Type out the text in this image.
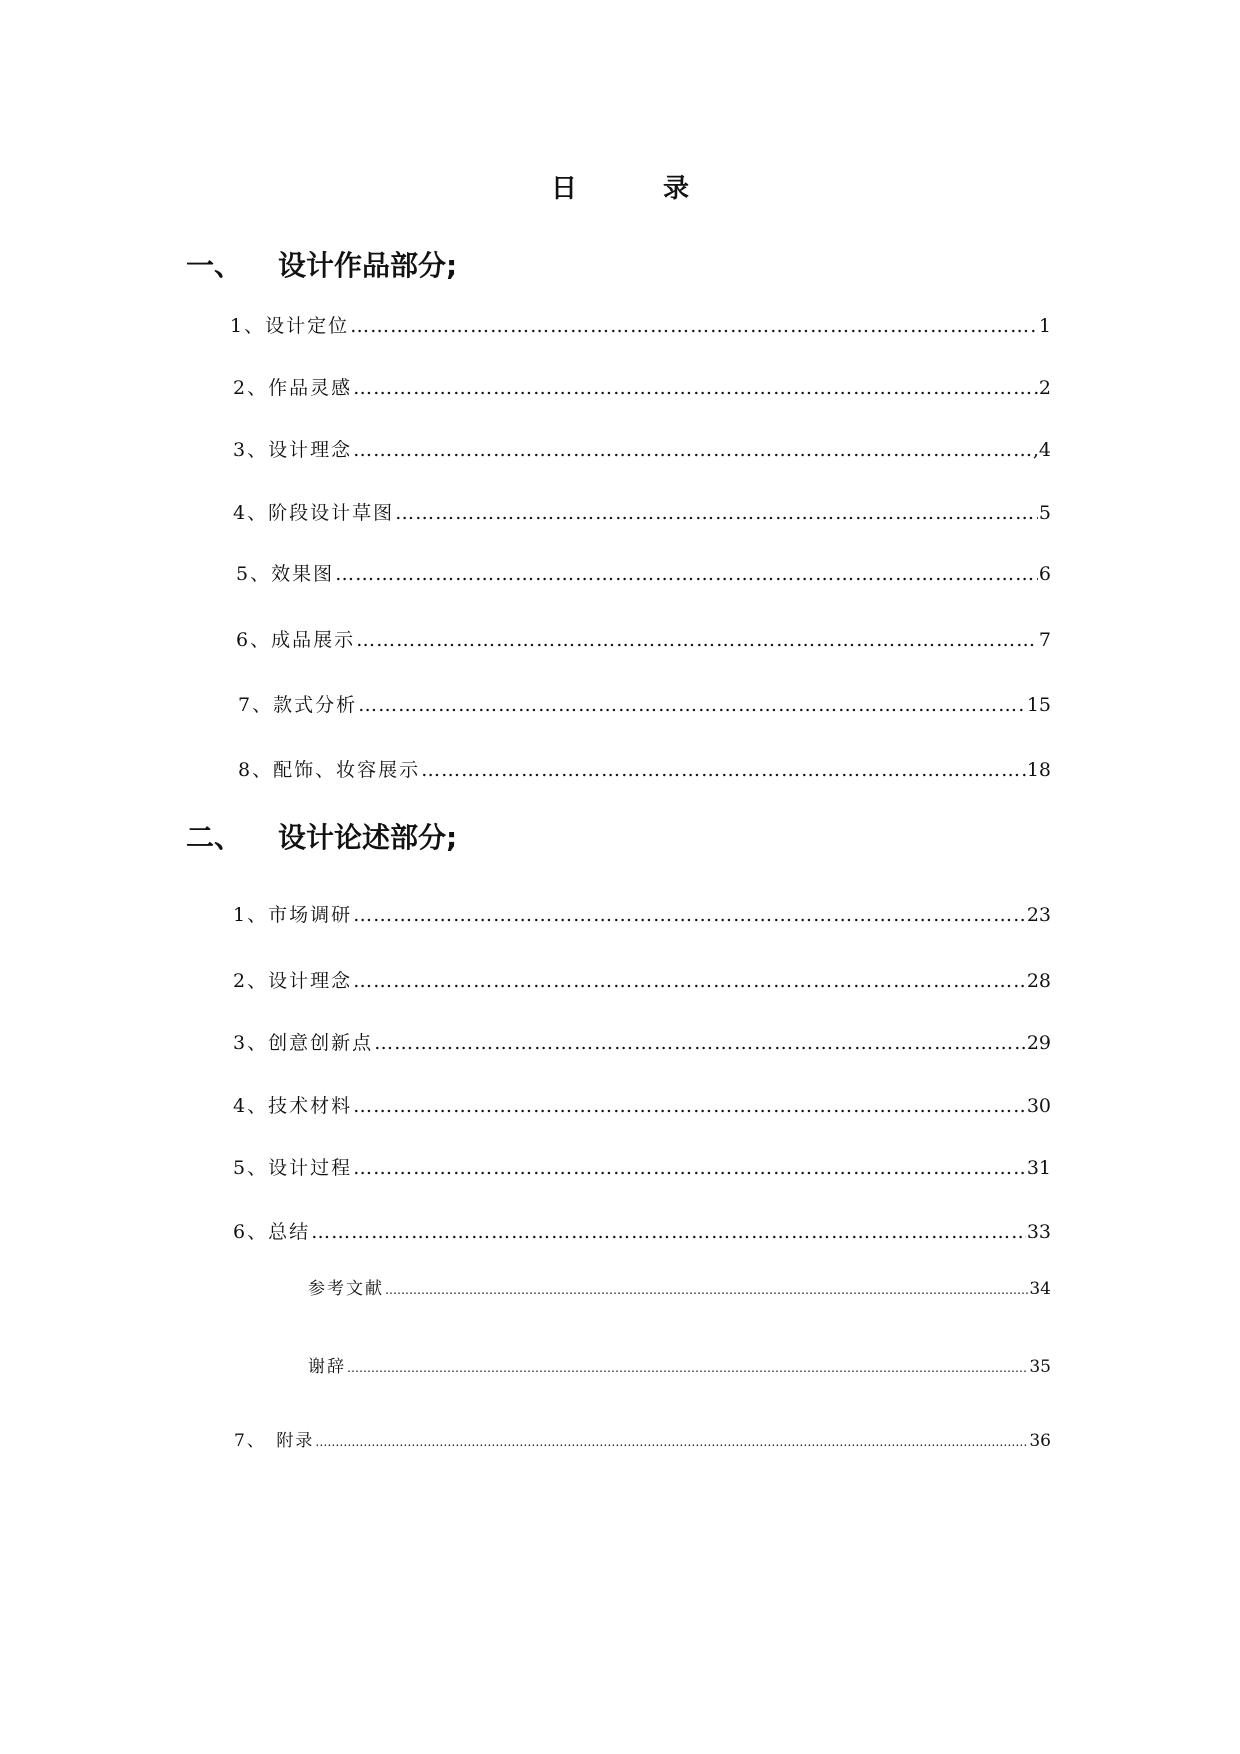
日　录
一、	设计作品部分;
1、设计定位 ……………………………………………………………………………………………………………………………………………………………………………………………………………………………………	1
2、作品灵感 ……………………………………………………………………………………………………………………………………………………………………………………………………………………………………	2
3、设计理念 ……………………………………………………………………………………………………………………………………………………………………………………………………………………………………	,4
4、阶段设计草图 ……………………………………………………………………………………………………………………………………………………………………………………………………………………………………	5
5、效果图 ……………………………………………………………………………………………………………………………………………………………………………………………………………………………………	6
6、成品展示 ……………………………………………………………………………………………………………………………………………………………………………………………………………………………………	7
7、款式分析 ……………………………………………………………………………………………………………………………………………………………………………………………………………………………………	15
8、配饰、妆容展示 ……………………………………………………………………………………………………………………………………………………………………………………………………………………………………	18
二、	设计论述部分;
1、市场调研 ……………………………………………………………………………………………………………………………………………………………………………………………………………………………………	23
2、设计理念 ……………………………………………………………………………………………………………………………………………………………………………………………………………………………………	28
3、创意创新点 ……………………………………………………………………………………………………………………………………………………………………………………………………………………………………	29
4、技术材料 ……………………………………………………………………………………………………………………………………………………………………………………………………………………………………	30
5、设计过程 ……………………………………………………………………………………………………………………………………………………………………………………………………………………………………	31
6、总结 ……………………………………………………………………………………………………………………………………………………………………………………………………………………………………	33
参考文献 ……………………………………………………………………………………………………………………………………………………………………………………………………………………………………	34
谢辞 ……………………………………………………………………………………………………………………………………………………………………………………………………………………………………	35
7、　附录 ……………………………………………………………………………………………………………………………………………………………………………………………………………………………………	36
